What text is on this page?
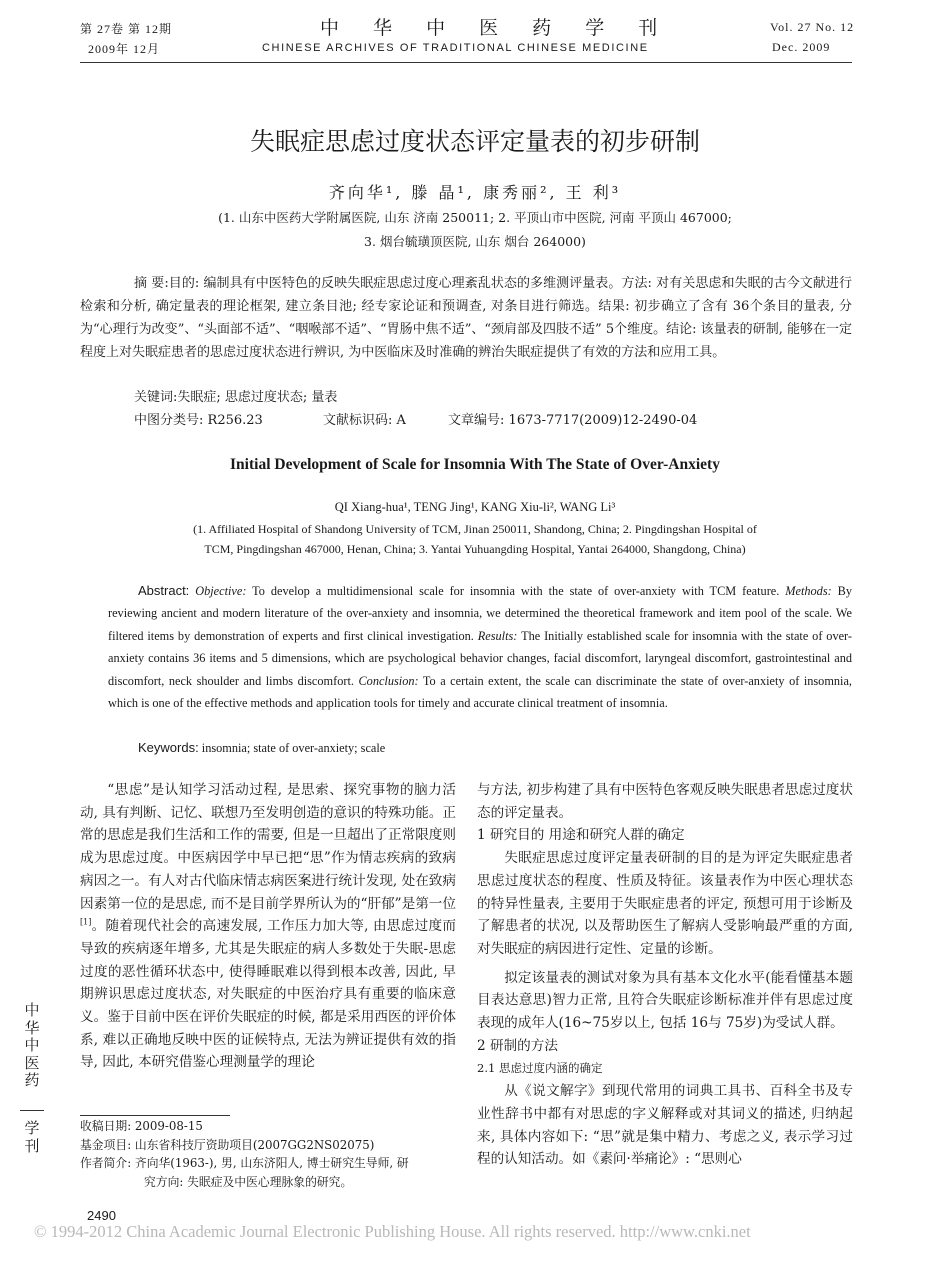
第 27卷 第 12期
2009年 12月
中 华 中 医 药 学 刊
CHINESE ARCHIVES OF TRADITIONAL CHINESE MEDICINE
Vol. 27 No. 12
Dec. 2009
失眠症思虑过度状态评定量表的初步研制
齐向华¹, 滕 晶¹, 康秀丽², 王 利³
(1. 山东中医药大学附属医院, 山东 济南 250011; 2. 平顶山市中医院, 河南 平顶山 467000;
3. 烟台毓璜顶医院, 山东 烟台 264000)
摘 要:目的: 编制具有中医特色的反映失眠症思虑过度心理紊乱状态的多维测评量表。方法: 对有关思虑和失眠的古今文献进行检索和分析, 确定量表的理论框架, 建立条目池; 经专家论证和预调查, 对条目进行筛选。结果: 初步确立了含有 36个条目的量表, 分为“心理行为改变”、“头面部不适”、“咽喉部不适”、“胃肠中焦不适”、“颈肩部及四肢不适” 5个维度。结论: 该量表的研制, 能够在一定程度上对失眠症患者的思虑过度状态进行辨识, 为中医临床及时准确的辨治失眠症提供了有效的方法和应用工具。
关键词:失眠症; 思虑过度状态; 量表
中图分类号: R256.23	文献标识码: A	文章编号: 1673-7717(2009)12-2490-04
Initial Development of Scale for Insomnia With The State of Over-Anxiety
QI Xiang-hua¹, TENG Jing¹, KANG Xiu-li², WANG Li³
(1. Affiliated Hospital of Shandong University of TCM, Jinan 250011, Shandong, China; 2. Pingdingshan Hospital of
TCM, Pingdingshan 467000, Henan, China; 3. Yantai Yuhuangding Hospital, Yantai 264000, Shangdong, China)
Abstract: Objective: To develop a multidimensional scale for insomnia with the state of over-anxiety with TCM feature. Methods: By reviewing ancient and modern literature of the over-anxiety and insomnia, we determined the theoretical framework and item pool of the scale. We filtered items by demonstration of experts and first clinical investigation. Results: The Initially established scale for insomnia with the state of over-anxiety contains 36 items and 5 dimensions, which are psychological behavior changes, facial discomfort, laryngeal discomfort, gastrointestinal and discomfort, neck shoulder and limbs discomfort. Conclusion: To a certain extent, the scale can discriminate the state of over-anxiety of insomnia, which is one of the effective methods and application tools for timely and accurate clinical treatment of insomnia.
Keywords: insomnia; state of over-anxiety; scale

“思虑”是认知学习活动过程, 是思索、探究事物的脑力活动, 具有判断、记忆、联想乃至发明创造的意识的特殊功能。正常的思虑是我们生活和工作的需要, 但是一旦超出了正常限度则成为思虑过度。中医病因学中早已把“思”作为情志疾病的致病病因之一。有人对古代临床情志病医案进行统计发现, 处在致病因素第一位的是思虑, 而不是目前学界所认为的“肝郁”是第一位[1]。随着现代社会的高速发展, 工作压力加大等, 由思虑过度而导致的疾病逐年增多, 尤其是失眠症的病人多数处于失眠-思虑过度的恶性循环状态中, 使得睡眠难以得到根本改善, 因此, 早期辨识思虑过度状态, 对失眠症的中医治疗具有重要的临床意义。鉴于目前中医在评价失眠症的时候, 都是采用西医的评价体系, 难以正确地反映中医的证候特点, 无法为辨证提供有效的指导, 因此, 本研究借鉴心理测量学的理论

与方法, 初步构建了具有中医特色客观反映失眠患者思虑过度状态的评定量表。

1 研究目的 用途和研究人群的确定

失眠症思虑过度评定量表研制的目的是为评定失眠症患者思虑过度状态的程度、性质及特征。该量表作为中医心理状态的特异性量表, 主要用于失眠症患者的评定, 预想可用于诊断及了解患者的状况, 以及帮助医生了解病人受影响最严重的方面, 对失眠症的病因进行定性、定量的诊断。

拟定该量表的测试对象为具有基本文化水平(能看懂基本题目表达意思)智力正常, 且符合失眠症诊断标准并伴有思虑过度表现的成年人(16~75岁以上, 包括 16与 75岁)为受试人群。

2 研制的方法

2.1 思虑过度内涵的确定

从《说文解字》到现代常用的词典工具书、百科全书及专业性辞书中都有对思虑的字义解释或对其词义的描述, 归纳起来, 具体内容如下: “思”就是集中精力、考虑之义, 表示学习过程的认知活动。如《素问·举痛论》: “思则心

收稿日期: 2009-08-15

基金项目: 山东省科技厅资助项目(2007GG2NS02075)

作者简介: 齐向华(1963-), 男, 山东济阳人, 博士研究生导师, 研

究方向: 失眠症及中医心理脉象的研究。

中华中医药
学刊
2490
© 1994-2012 China Academic Journal Electronic Publishing House. All rights reserved. http://www.cnki.net
